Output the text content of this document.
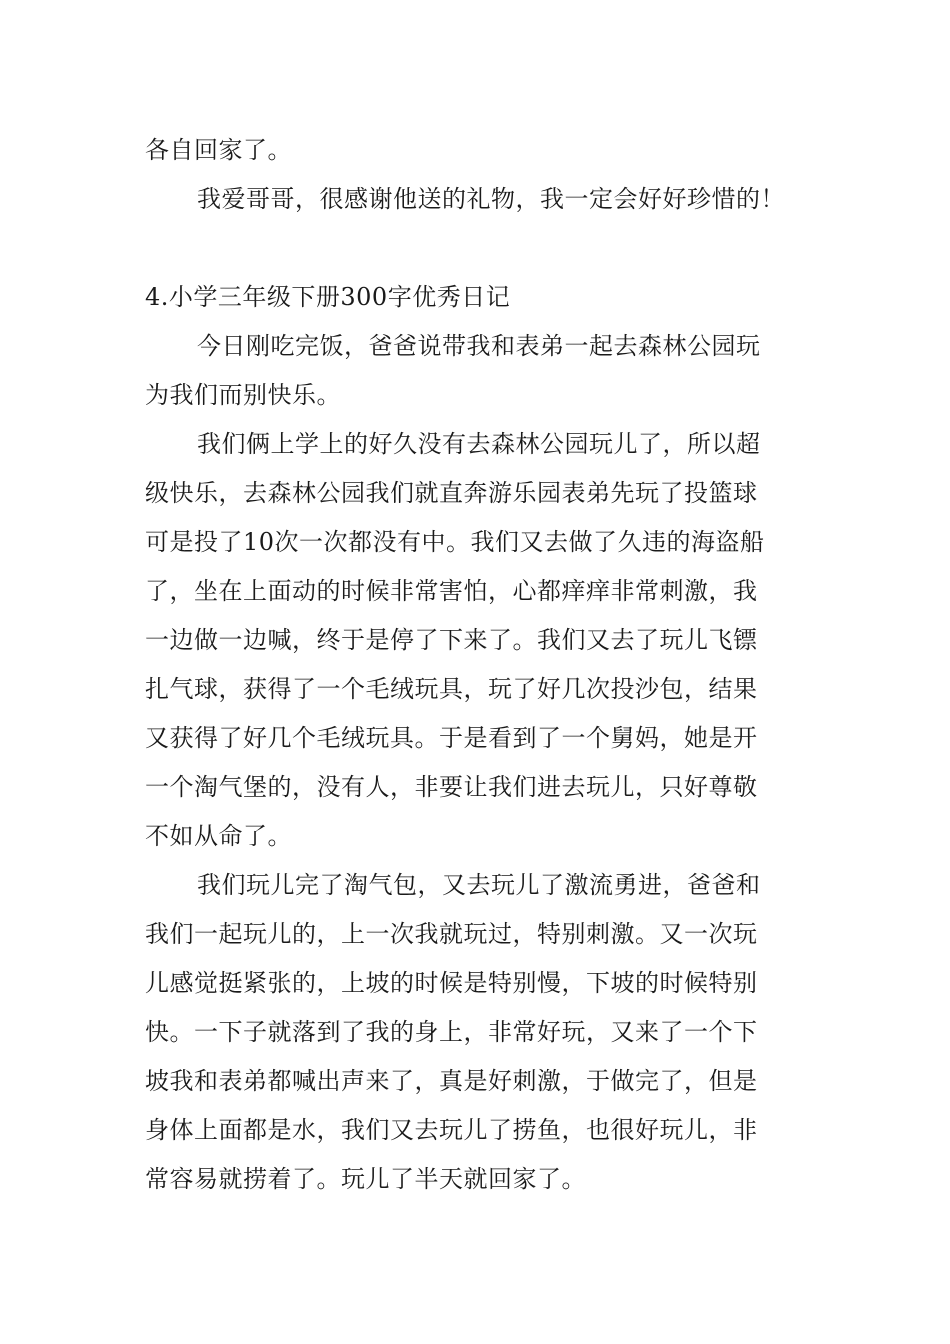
各自回家了。
我爱哥哥，很感谢他送的礼物，我一定会好好珍惜的！
4.小学三年级下册300字优秀日记
今日刚吃完饭，爸爸说带我和表弟一起去森林公园玩
为我们而别快乐。
我们俩上学上的好久没有去森林公园玩儿了，所以超
级快乐，去森林公园我们就直奔游乐园表弟先玩了投篮球
可是投了10次一次都没有中。我们又去做了久违的海盗船
了，坐在上面动的时候非常害怕，心都痒痒非常刺激，我
一边做一边喊，终于是停了下来了。我们又去了玩儿飞镖
扎气球，获得了一个毛绒玩具，玩了好几次投沙包，结果
又获得了好几个毛绒玩具。于是看到了一个舅妈，她是开
一个淘气堡的，没有人，非要让我们进去玩儿，只好尊敬
不如从命了。
我们玩儿完了淘气包，又去玩儿了激流勇进，爸爸和
我们一起玩儿的，上一次我就玩过，特别刺激。又一次玩
儿感觉挺紧张的，上坡的时候是特别慢，下坡的时候特别
快。一下子就落到了我的身上，非常好玩，又来了一个下
坡我和表弟都喊出声来了，真是好刺激，于做完了，但是
身体上面都是水，我们又去玩儿了捞鱼，也很好玩儿，非
常容易就捞着了。玩儿了半天就回家了。
